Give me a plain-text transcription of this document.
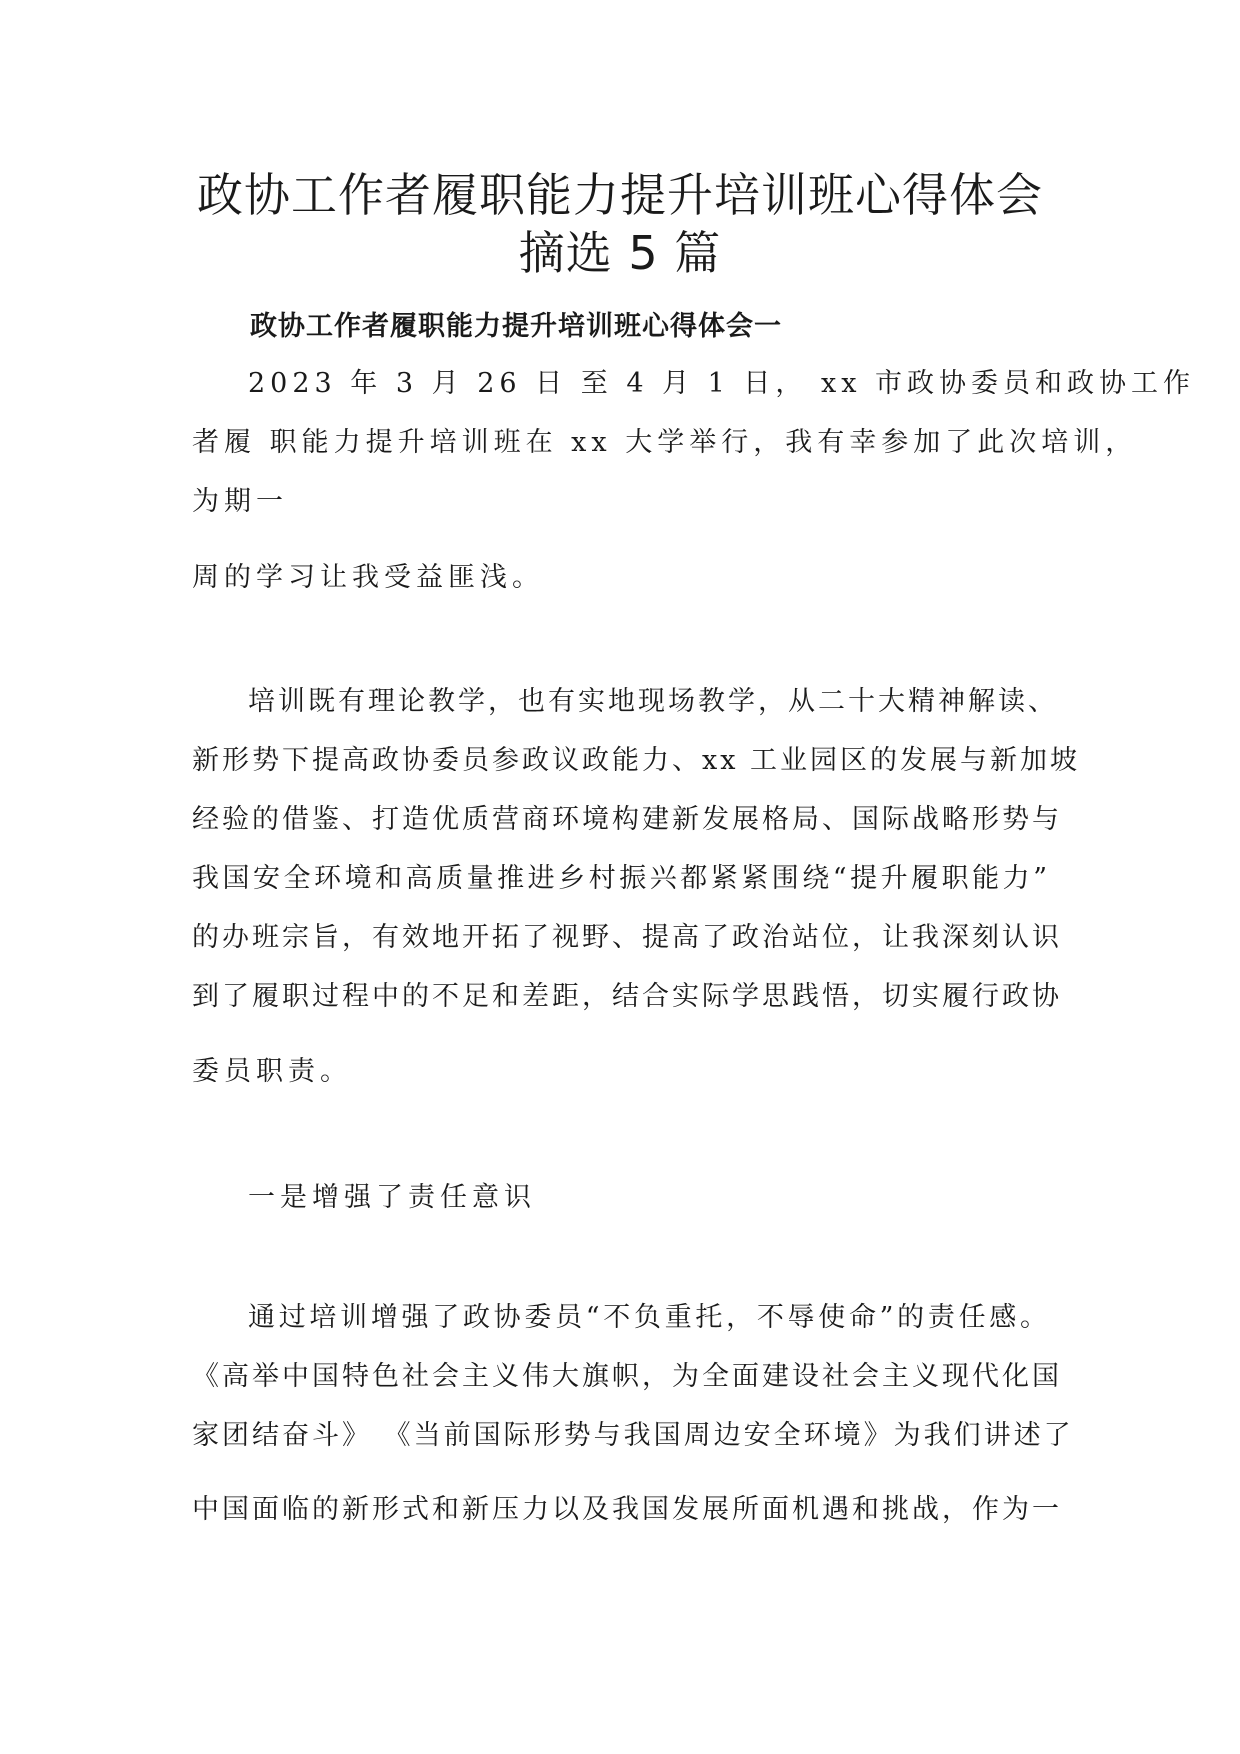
政协工作者履职能力提升培训班心得体会
摘选 5 篇
政协工作者履职能力提升培训班心得体会一

2023 年 3 月 26 日 至 4 月 1 日， xx 市政协委员和政协工作

者履 职能力提升培训班在 xx 大学举行，我有幸参加了此次培训，

为期一

周的学习让我受益匪浅。

培训既有理论教学，也有实地现场教学，从二十大精神解读、

新形势下提高政协委员参政议政能力、xx 工业园区的发展与新加坡

经验的借鉴、打造优质营商环境构建新发展格局、国际战略形势与

我国安全环境和高质量推进乡村振兴都紧紧围绕“提升履职能力”

的办班宗旨，有效地开拓了视野、提高了政治站位，让我深刻认识

到了履职过程中的不足和差距，结合实际学思践悟，切实履行政协

委员职责。

一是增强了责任意识

通过培训增强了政协委员“不负重托，不辱使命”的责任感。

《高举中国特色社会主义伟大旗帜，为全面建设社会主义现代化国

家团结奋斗》 《当前国际形势与我国周边安全环境》为我们讲述了

中国面临的新形式和新压力以及我国发展所面机遇和挑战，作为一
